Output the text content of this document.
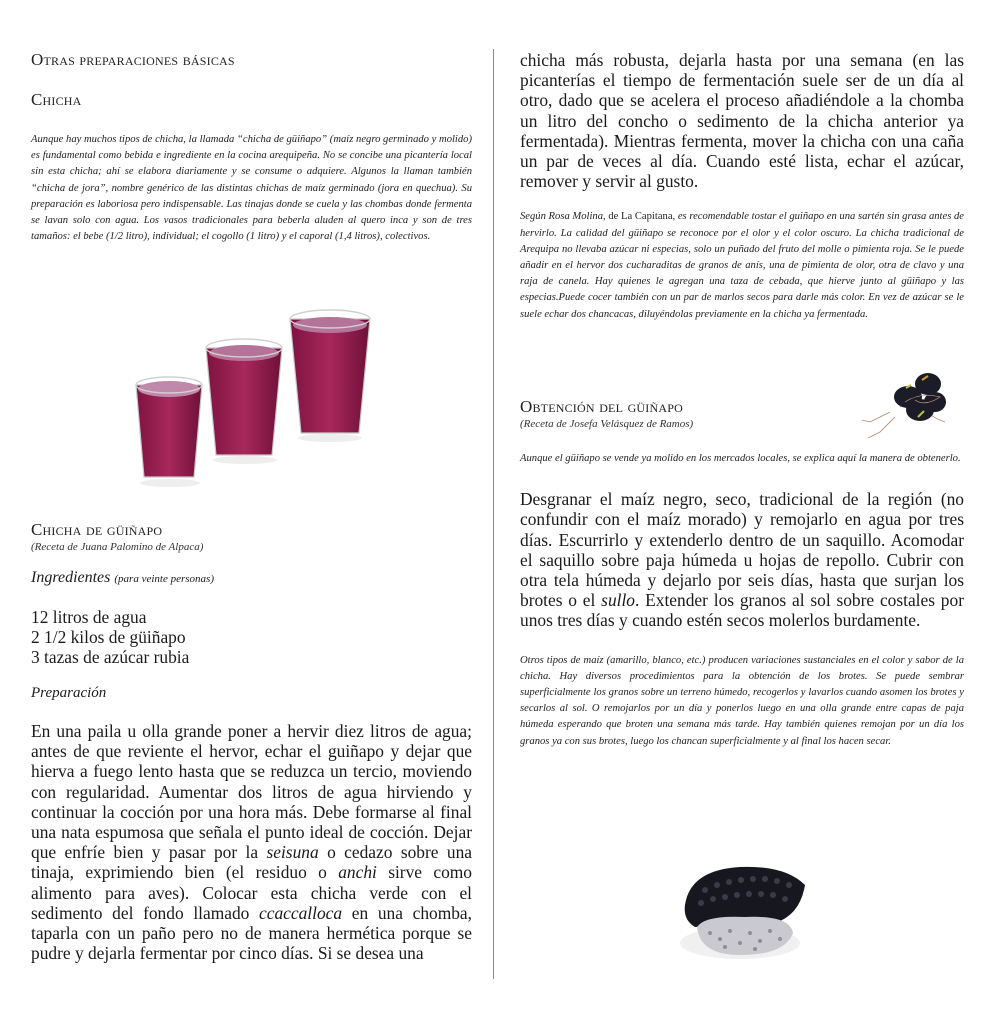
Otras preparaciones básicas
Chicha

Aunque hay muchos tipos de chicha, la llamada “chicha de güiñapo” (maíz negro germinado y molido) es fundamental como bebida e ingrediente en la cocina arequipeña. No se concibe una picantería local sin esta chicha; ahí se elabora diariamente y se consume o adquiere. Algunos la llaman también “chicha de jora”, nombre genérico de las distintas chichas de maíz germinado (jora en quechua). Su preparación es laboriosa pero indispensable. Las tinajas donde se cuela y las chombas donde fermenta se lavan solo con agua. Los vasos tradicionales para beberla aluden al quero inca y son de tres tamaños: el bebe (1/2 litro), individual; el cogollo (1 litro) y el caporal (1,4 litros), colectivos.

Chicha de güiñapo

(Receta de Juana Palomino de Alpaca)

Ingredientes (para veinte personas)

12 litros de agua
2 1/2 kilos de güiñapo
3 tazas de azúcar rubia

Preparación

En una paila u olla grande poner a hervir diez litros de agua; antes de que reviente el hervor, echar el guiñapo y dejar que hierva a fuego lento hasta que se reduzca un tercio, moviendo con regularidad. Aumentar dos litros de agua hirviendo y continuar la cocción por una hora más. Debe formarse al final una nata espumosa que señala el punto ideal de cocción. Dejar que enfríe bien y pasar por la seisuna o cedazo sobre una tinaja, exprimiendo bien (el residuo o anchi sirve como alimento para aves). Colocar esta chicha verde con el sedimento del fondo llamado ccaccalloca en una chomba, taparla con un paño pero no de manera hermética porque se pudre y dejarla fermentar por cinco días. Si se desea una

chicha más robusta, dejarla hasta por una semana (en las picanterías el tiempo de fermentación suele ser de un día al otro, dado que se acelera el proceso añadiéndole a la chomba un litro del concho o sedimento de la chicha anterior ya fermentada). Mientras fermenta, mover la chicha con una caña un par de veces al día. Cuando esté lista, echar el azúcar, remover y servir al gusto.

Según Rosa Molina, de La Capitana, es recomendable tostar el guiñapo en una sartén sin grasa antes de hervirlo. La calidad del güiñapo se reconoce por el olor y el color oscuro. La chicha tradicional de Arequipa no llevaba azúcar ni especias, solo un puñado del fruto del molle o pimienta roja. Se le puede añadir en el hervor dos cucharaditas de granos de anís, una de pimienta de olor, otra de clavo y una raja de canela. Hay quienes le agregan una taza de cebada, que hierve junto al güiñapo y las especias.Puede cocer también con un par de marlos secos para darle más color. En vez de azúcar se le suele echar dos chancacas, diluyéndolas previamente en la chicha ya fermentada.

Obtención del güiñapo

(Receta de Josefa Velásquez de Ramos)

Aunque el güiñapo se vende ya molido en los mercados locales, se explica aquí la manera de obtenerlo.

Desgranar el maíz negro, seco, tradicional de la región (no confundir con el maíz morado) y remojarlo en agua por tres días. Escurrirlo y extenderlo dentro de un saquillo. Acomodar el saquillo sobre paja húmeda u hojas de repollo. Cubrir con otra tela húmeda y dejarlo por seis días, hasta que surjan los brotes o el sullo. Extender los granos al sol sobre costales por unos tres días y cuando estén secos molerlos burdamente.

Otros tipos de maíz (amarillo, blanco, etc.) producen variaciones sustanciales en el color y sabor de la chicha. Hay diversos procedimientos para la obtención de los brotes. Se puede sembrar superficialmente los granos sobre un terreno húmedo, recogerlos y lavarlos cuando asomen los brotes y secarlos al sol. O remojarlos por un día y ponerlos luego en una olla grande entre capas de paja húmeda esperando que broten una semana más tarde. Hay también quienes remojan por un día los granos ya con sus brotes, luego los chancan superficialmente y al final los hacen secar.
